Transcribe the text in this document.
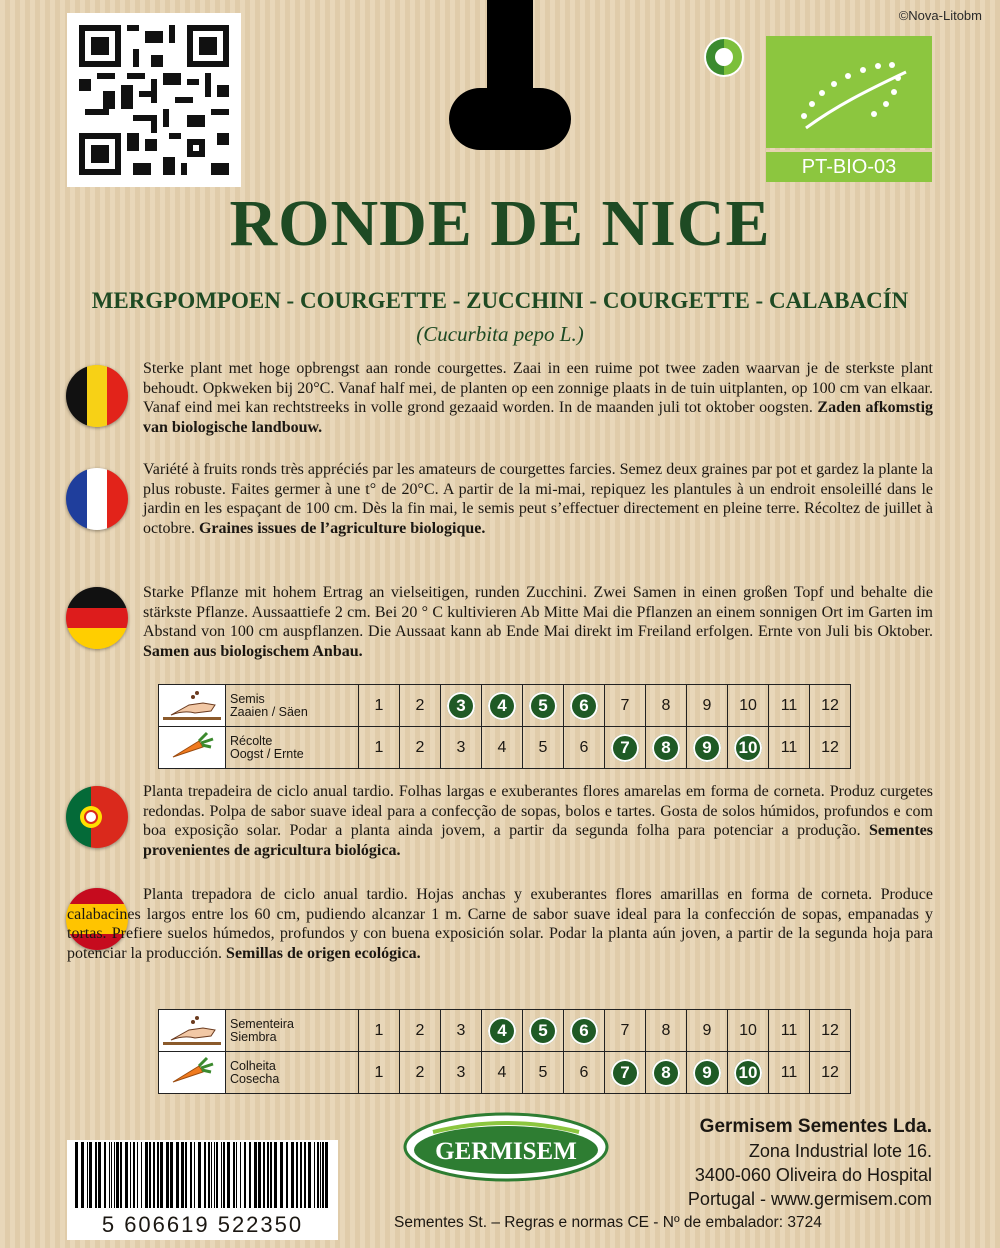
©Nova-Litobm
PT-BIO-03
RONDE DE NICE
MERGPOMPOEN - COURGETTE - ZUCCHINI - COURGETTE - CALABACÍN
(Cucurbita pepo L.)
Sterke plant met hoge opbrengst aan ronde courgettes. Zaai in een ruime pot twee zaden waarvan je de sterkste plant behoudt. Opkweken bij 20°C. Vanaf half mei, de planten op een zonnige plaats in de tuin uitplanten, op 100 cm van elkaar. Vanaf eind mei kan rechtstreeks in volle grond gezaaid worden. In de maanden juli tot oktober oogsten. Zaden afkomstig van biologische landbouw.
Variété à fruits ronds très appréciés par les amateurs de courgettes farcies. Semez deux graines par pot et gardez la plante la plus robuste. Faites germer à une t° de 20°C. A partir de la mi-mai, repiquez les plantules à un endroit ensoleillé dans le jardin en les espaçant de 100 cm. Dès la fin mai, le semis peut s’effectuer directement en pleine terre. Récoltez de juillet à octobre. Graines issues de l’agriculture biologique.
Starke Pflanze mit hohem Ertrag an vielseitigen, runden Zucchini. Zwei Samen in einen großen Topf und behalte die stärkste Pflanze. Aussaattiefe 2 cm. Bei 20 ° C kultivieren Ab Mitte Mai die Pflanzen an einem sonnigen Ort im Garten im Abstand von 100 cm auspflanzen. Die Aussaat kann ab Ende Mai direkt im Freiland erfolgen. Ernte von Juli bis Oktober. Samen aus biologischem Anbau.

Semis
Zaaien / Säen	1	2	3	4	5	6	7	8	9	10	11	12

Récolte
Oogst / Ernte	1	2	3	4	5	6	7	8	9	10	11	12
Planta trepadeira de ciclo anual tardio. Folhas largas e exuberantes flores amarelas em forma de corneta. Produz curgetes redondas. Polpa de sabor suave ideal para a confecção de sopas, bolos e tartes. Gosta de solos húmidos, profundos e com boa exposição solar. Podar a planta ainda jovem, a partir da segunda folha para potenciar a produção. Sementes provenientes de agricultura biológica.
Planta trepadora de ciclo anual tardio. Hojas anchas y exuberantes flores amarillas en forma de corneta. Produce calabacines largos entre los 60 cm, pudiendo alcanzar 1 m. Carne de sabor suave ideal para la confección de sopas, empanadas y tortas. Prefiere suelos húmedos, profundos y con buena exposición solar. Podar la planta aún joven, a partir de la segunda hoja para potenciar la producción. Semillas de origen ecológica.

Sementeira
Siembra	1	2	3	4	5	6	7	8	9	10	11	12

Colheita
Cosecha	1	2	3	4	5	6	7	8	9	10	11	12
GERMISEM
Germisem Sementes Lda.
Zona Industrial lote 16.
3400-060 Oliveira do Hospital
Portugal - www.germisem.com
5 606619 522350	Sementes St. – Regras e normas CE - Nº de embalador: 3724
